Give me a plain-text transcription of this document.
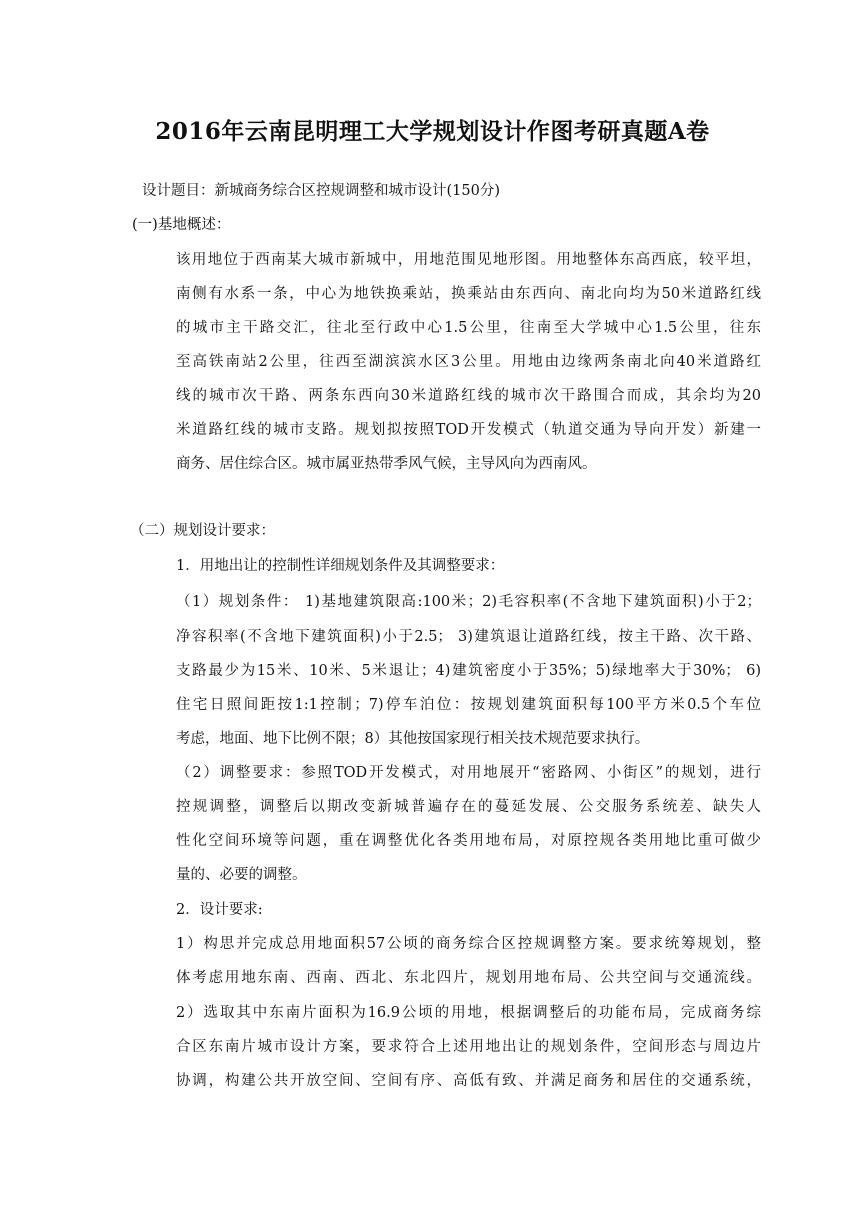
2016年云南昆明理工大学规划设计作图考研真题A卷
设计题目：新城商务综合区控规调整和城市设计(150分)
(一)基地概述：
该用地位于西南某大城市新城中，用地范围见地形图。用地整体东高西底，较平坦，
南侧有水系一条，中心为地铁换乘站，换乘站由东西向、南北向均为50米道路红线
的城市主干路交汇，往北至行政中心1.5公里，往南至大学城中心1.5公里，往东
至高铁南站2公里，往西至湖滨滨水区3公里。用地由边缘两条南北向40米道路红
线的城市次干路、两条东西向30米道路红线的城市次干路围合而成，其余均为20
米道路红线的城市支路。规划拟按照TOD开发模式（轨道交通为导向开发）新建一
商务、居住综合区。城市属亚热带季风气候，主导风向为西南风。
（二）规划设计要求：
1．用地出让的控制性详细规划条件及其调整要求：
（1）规划条件： 1)基地建筑限高:100米；2)毛容积率(不含地下建筑面积)小于2；
净容积率(不含地下建筑面积)小于2.5； 3)建筑退让道路红线，按主干路、次干路、
支路最少为15米、10米、5米退让；4)建筑密度小于35%；5)绿地率大于30%； 6)
住宅日照间距按1:1控制；7)停车泊位：按规划建筑面积每100平方米0.5个车位
考虑，地面、地下比例不限；8）其他按国家现行相关技术规范要求执行。
（2）调整要求：参照TOD开发模式，对用地展开“密路网、小街区”的规划，进行
控规调整，调整后以期改变新城普遍存在的蔓延发展、公交服务系统差、缺失人
性化空间环境等问题，重在调整优化各类用地布局，对原控规各类用地比重可做少
量的、必要的调整。
2．设计要求:
1）构思并完成总用地面积57公顷的商务综合区控规调整方案。要求统筹规划，整
体考虑用地东南、西南、西北、东北四片，规划用地布局、公共空间与交通流线。
2）选取其中东南片面积为16.9公顷的用地，根据调整后的功能布局，完成商务综
合区东南片城市设计方案，要求符合上述用地出让的规划条件，空间形态与周边片
协调，构建公共开放空间、空间有序、高低有致、并满足商务和居住的交通系统，
